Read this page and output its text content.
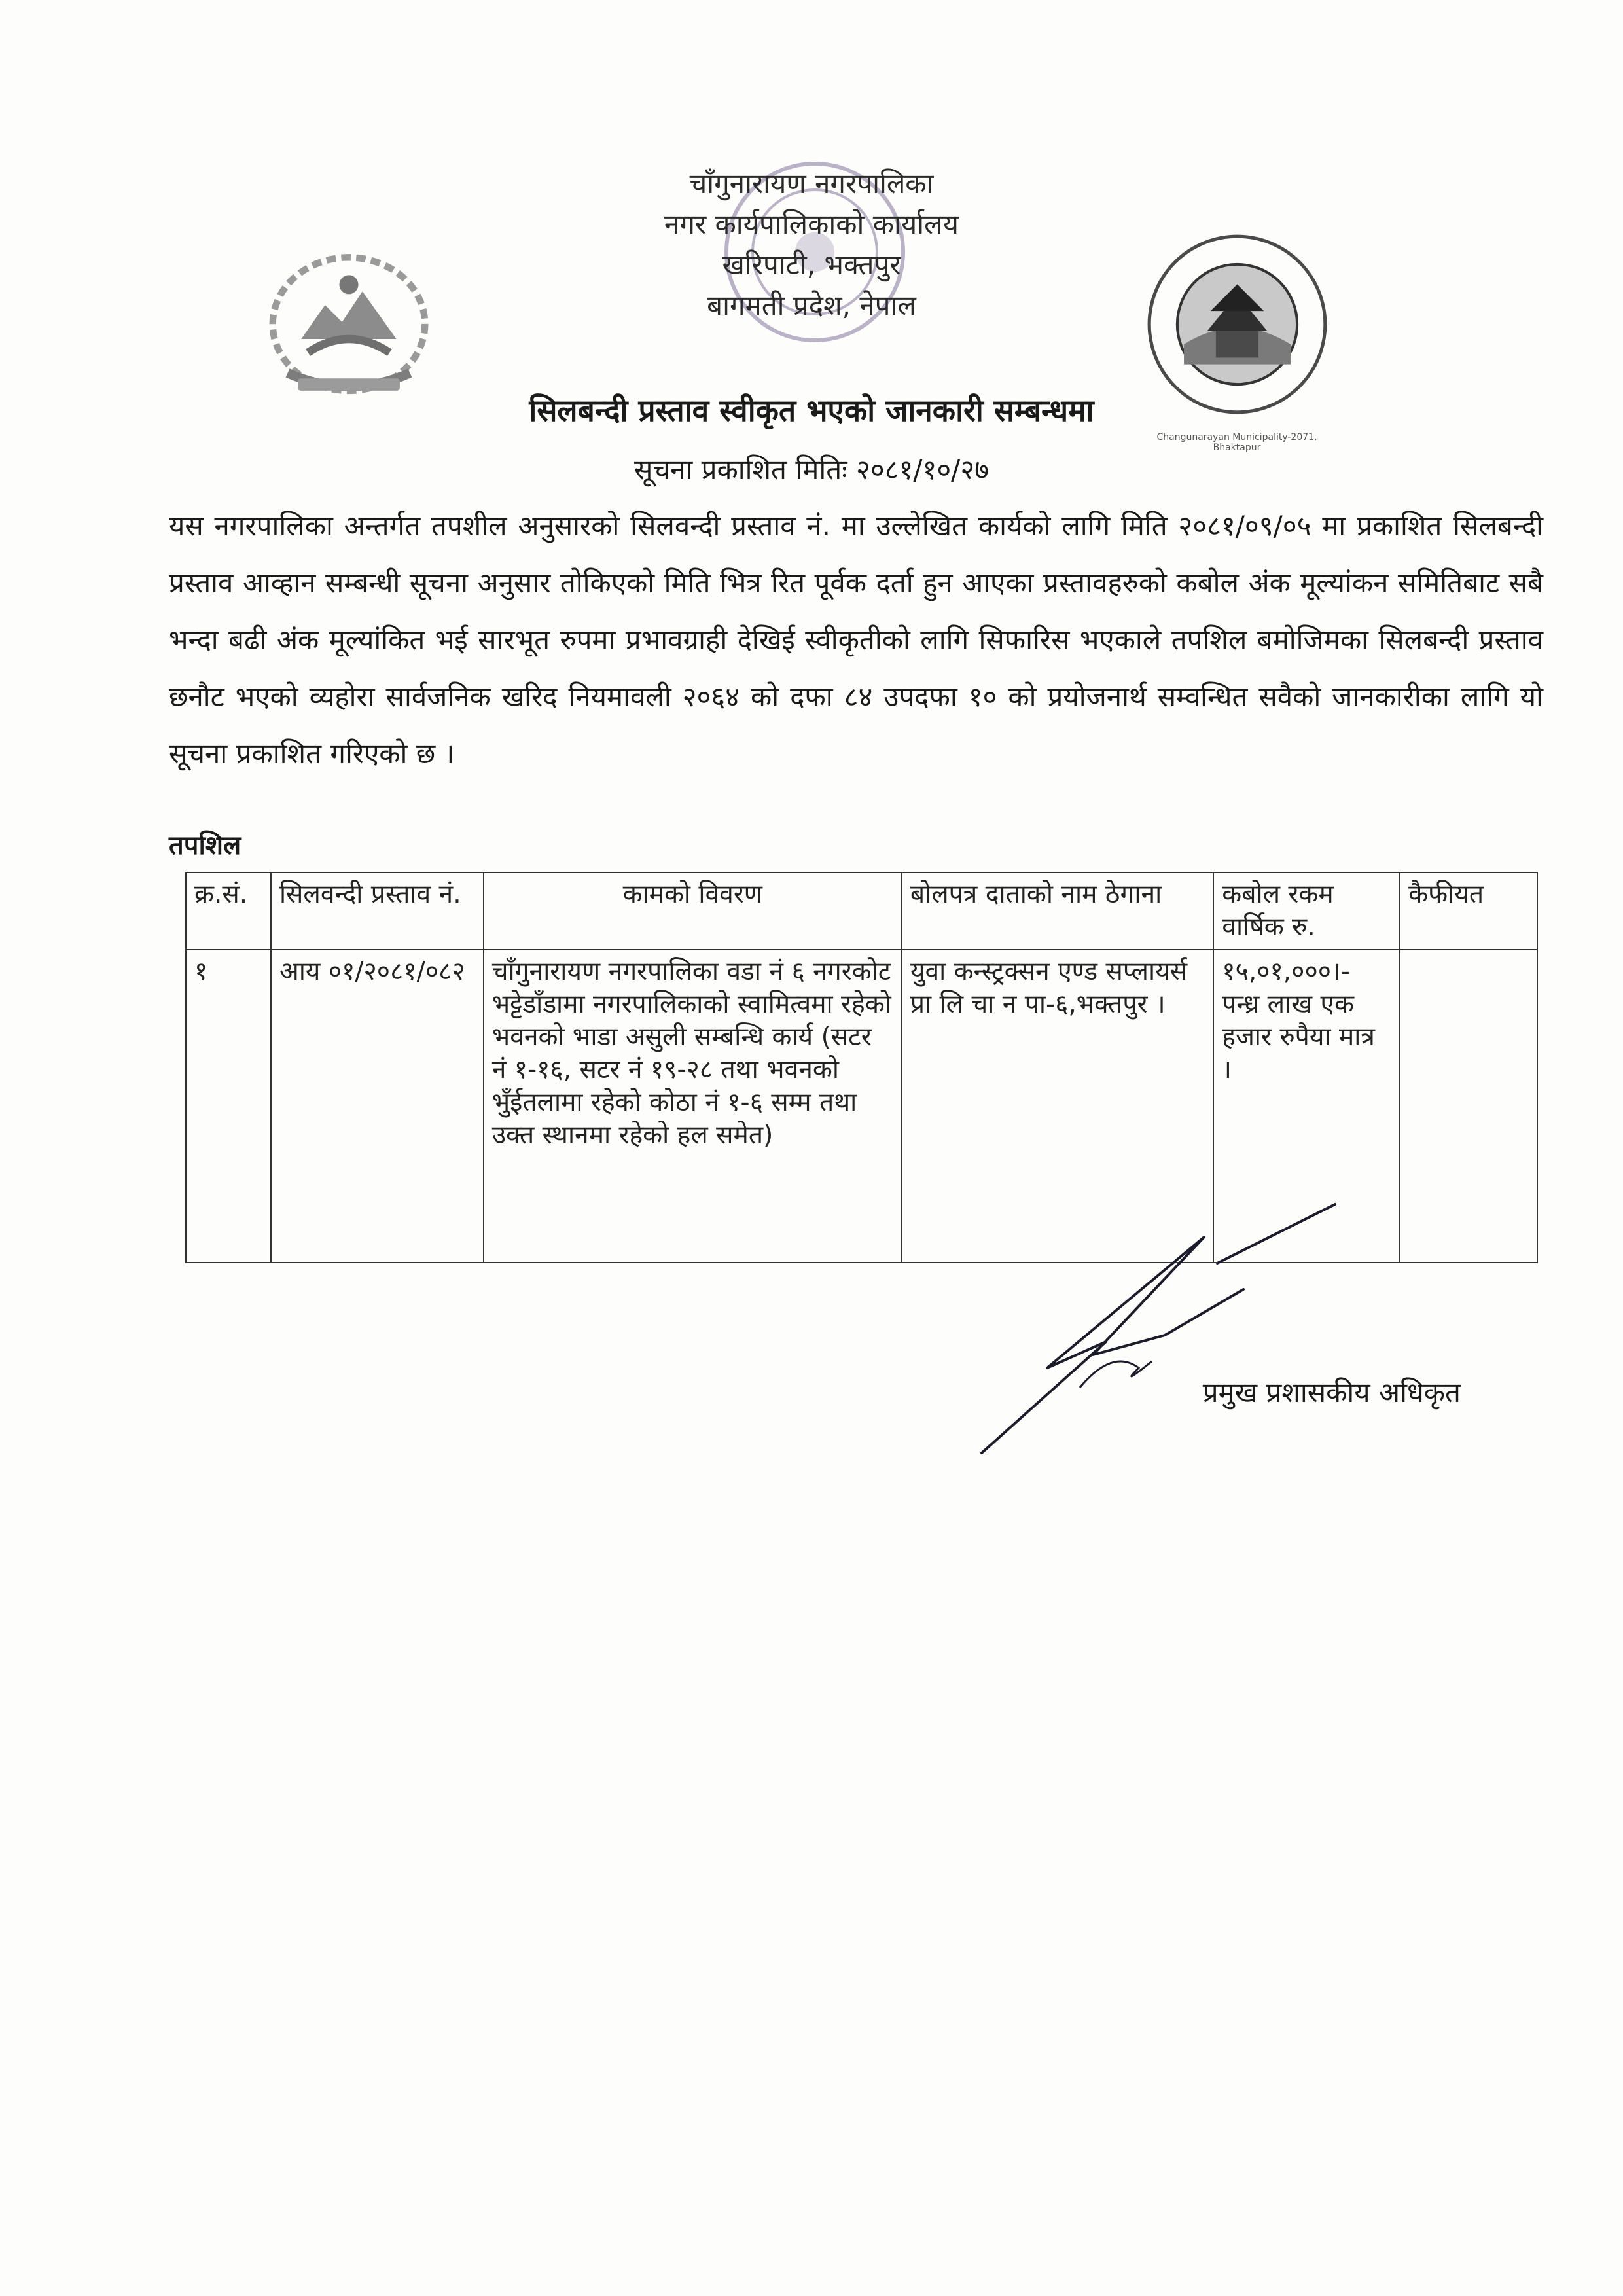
Changunarayan Municipality-2071, Bhaktapur
चाँगुनारायण नगरपालिका
नगर कार्यपालिकाको कार्यालय
खरिपाटी, भक्तपुर
बागमती प्रदेश, नेपाल
सिलबन्दी प्रस्ताव स्वीकृत भएको जानकारी सम्बन्धमा
सूचना प्रकाशित मितिः २०८१/१०/२७
यस नगरपालिका अन्तर्गत तपशील अनुसारको सिलवन्दी प्रस्ताव नं. मा उल्लेखित कार्यको लागि मिति २०८१/०९/०५ मा प्रकाशित सिलबन्दी प्रस्ताव आव्हान सम्बन्धी सूचना अनुसार तोकिएको मिति भित्र रित पूर्वक दर्ता हुन आएका प्रस्तावहरुको कबोल अंक मूल्यांकन समितिबाट सबै भन्दा बढी अंक मूल्यांकित भई सारभूत रुपमा प्रभावग्राही देखिई स्वीकृतीको लागि सिफारिस भएकाले तपशिल बमोजिमका सिलबन्दी प्रस्ताव छनौट भएको व्यहोरा सार्वजनिक खरिद नियमावली २०६४ को दफा ८४ उपदफा १० को प्रयोजनार्थ सम्वन्धित सवैको जानकारीका लागि यो सूचना प्रकाशित गरिएको छ ।
तपशिल
क्र.सं.	सिलवन्दी प्रस्ताव नं.	कामको विवरण	बोलपत्र दाताको नाम ठेगाना	कबोल रकम वार्षिक रु.	कैफीयत
१	आय ०१/२०८१/०८२	चाँगुनारायण नगरपालिका वडा नं ६ नगरकोट भट्टेडाँडामा नगरपालिकाको स्वामित्वमा रहेको भवनको भाडा असुली सम्बन्धि कार्य (सटर नं १-१६, सटर नं १९-२८ तथा भवनको भुँईतलामा रहेको कोठा नं १-६ सम्म तथा उक्त स्थानमा रहेको हल समेत)	युवा कन्स्ट्रक्सन एण्ड सप्लायर्स प्रा लि चा न पा-६,भक्तपुर ।	१५,०१,०००।- पन्ध्र लाख एक हजार रुपैया मात्र ।	
प्रमुख प्रशासकीय अधिकृत
